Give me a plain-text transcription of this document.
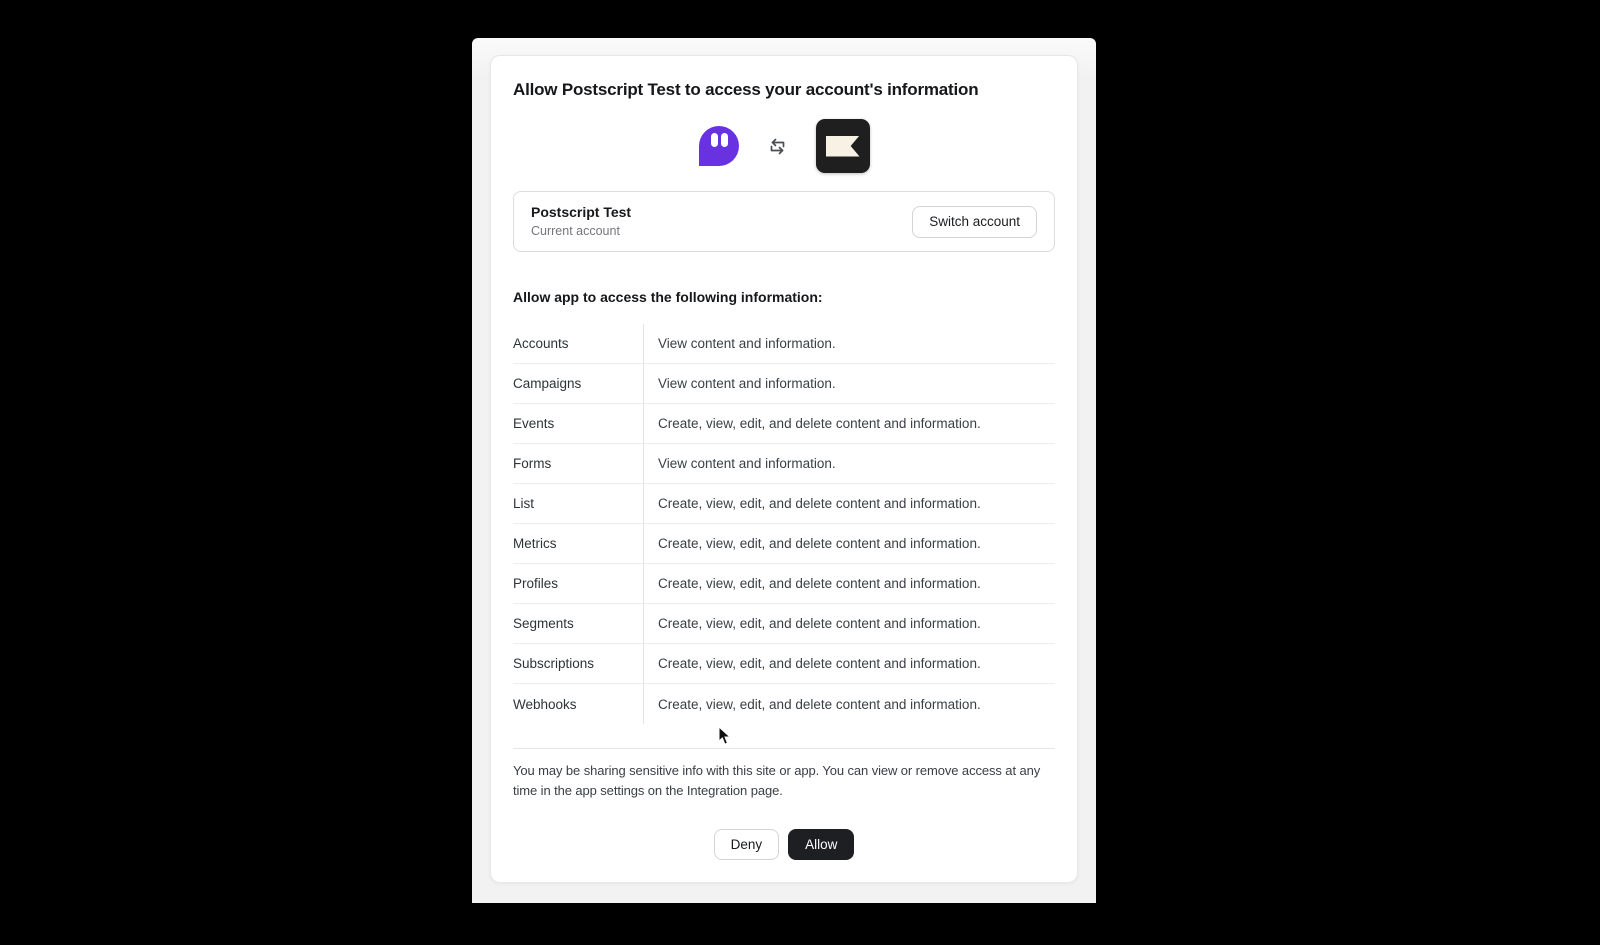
Allow Postscript Test to access your account's information
Postscript Test
Current account
Switch account
Allow app to access the following information:
Accounts	View content and information.
Campaigns	View content and information.
Events	Create, view, edit, and delete content and information.
Forms	View content and information.
List	Create, view, edit, and delete content and information.
Metrics	Create, view, edit, and delete content and information.
Profiles	Create, view, edit, and delete content and information.
Segments	Create, view, edit, and delete content and information.
Subscriptions	Create, view, edit, and delete content and information.
Webhooks	Create, view, edit, and delete content and information.
You may be sharing sensitive info with this site or app. You can view or remove access at any
time in the app settings on the Integration page.
Deny	Allow
